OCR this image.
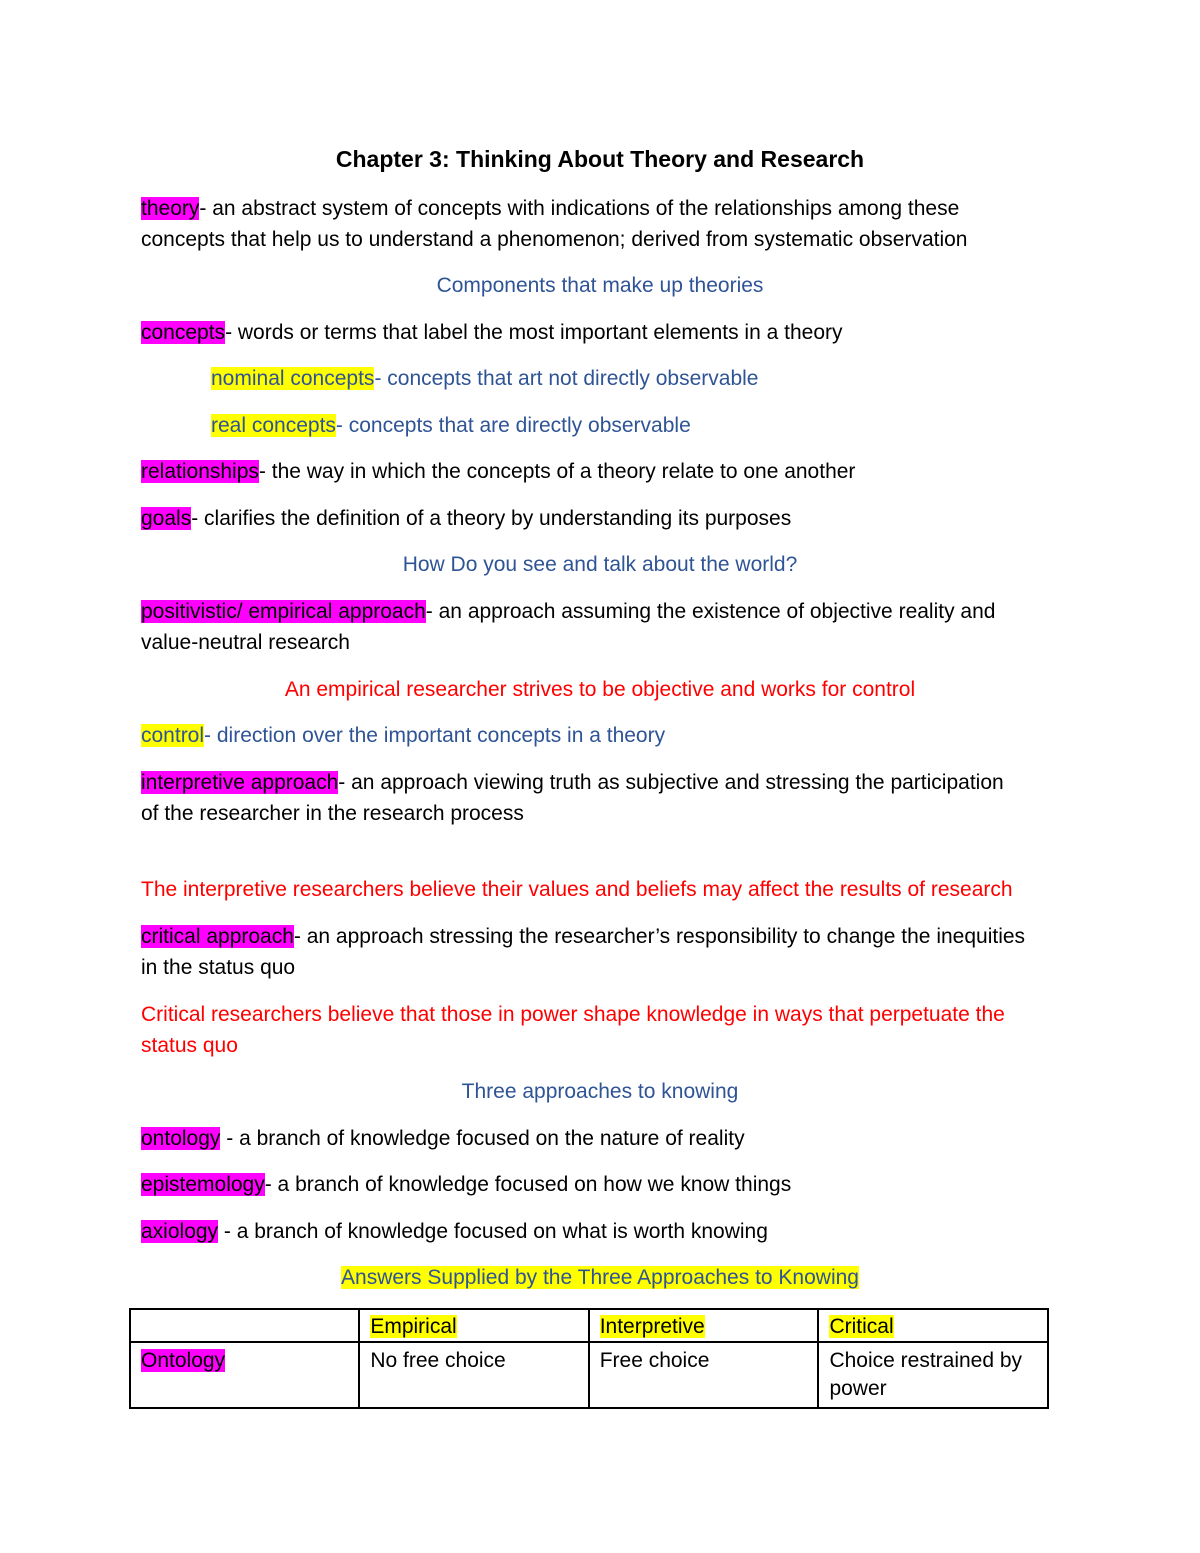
Chapter 3: Thinking About Theory and Research
theory- an abstract system of concepts with indications of the relationships among these
concepts that help us to understand a phenomenon; derived from systematic observation
Components that make up theories
concepts- words or terms that label the most important elements in a theory
nominal concepts- concepts that art not directly observable
real concepts- concepts that are directly observable
relationships- the way in which the concepts of a theory relate to one another
goals- clarifies the definition of a theory by understanding its purposes
How Do you see and talk about the world?
positivistic/ empirical approach- an approach assuming the existence of objective reality and
value-neutral research
An empirical researcher strives to be objective and works for control
control- direction over the important concepts in a theory
interpretive approach- an approach viewing truth as subjective and stressing the participation
of the researcher in the research process
The interpretive researchers believe their values and beliefs may affect the results of research
critical approach- an approach stressing the researcher’s responsibility to change the inequities
in the status quo
Critical researchers believe that those in power shape knowledge in ways that perpetuate the
status quo
Three approaches to knowing
ontology - a branch of knowledge focused on the nature of reality
epistemology- a branch of knowledge focused on how we know things
axiology - a branch of knowledge focused on what is worth knowing
Answers Supplied by the Three Approaches to Knowing
	Empirical	Interpretive	Critical
Ontology	No free choice	Free choice	Choice restrained by power
